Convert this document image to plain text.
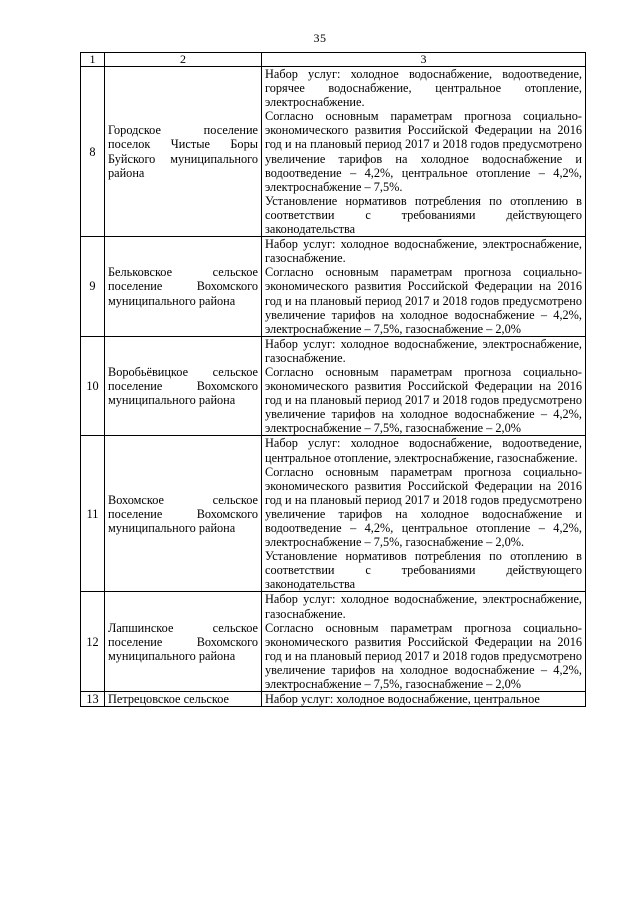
35
1	2	3
8	Городское поселение поселок Чистые Боры Буйского муниципального района	Набор услуг: холодное водоснабжение, водоотведение, горячее водоснабжение, центральное отопление, электроснабжение.

Согласно основным параметрам прогноза социально-экономического развития Российской Федерации на 2016 год и на плановый период 2017 и 2018 годов предусмотрено увеличение тарифов на холодное водоснабжение и водоотведение – 4,2%, центральное отопление – 4,2%, электроснабжение – 7,5%.

Установление нормативов потребления по отоплению в соответствии с требованиями действующего законодательства

9	Бельковское сельское поселение Вохомского муниципального района	Набор услуг: холодное водоснабжение, электроснабжение, газоснабжение.

Согласно основным параметрам прогноза социально-экономического развития Российской Федерации на 2016 год и на плановый период 2017 и 2018 годов предусмотрено увеличение тарифов на холодное водоснабжение – 4,2%, электроснабжение – 7,5%, газоснабжение – 2,0%

10	Воробьёвицкое сельское поселение Вохомского муниципального района	Набор услуг: холодное водоснабжение, электроснабжение, газоснабжение.

Согласно основным параметрам прогноза социально-экономического развития Российской Федерации на 2016 год и на плановый период 2017 и 2018 годов предусмотрено увеличение тарифов на холодное водоснабжение – 4,2%, электроснабжение – 7,5%, газоснабжение – 2,0%

11	Вохомское сельское поселение Вохомского муниципального района	Набор услуг: холодное водоснабжение, водоотведение, центральное отопление, электроснабжение, газоснабжение.

Согласно основным параметрам прогноза социально-экономического развития Российской Федерации на 2016 год и на плановый период 2017 и 2018 годов предусмотрено увеличение тарифов на холодное водоснабжение и водоотведение – 4,2%, центральное отопление – 4,2%, электроснабжение – 7,5%, газоснабжение – 2,0%.

Установление нормативов потребления по отоплению в соответствии с требованиями действующего законодательства

12	Лапшинское сельское поселение Вохомского муниципального района	Набор услуг: холодное водоснабжение, электроснабжение, газоснабжение.

Согласно основным параметрам прогноза социально-экономического развития Российской Федерации на 2016 год и на плановый период 2017 и 2018 годов предусмотрено увеличение тарифов на холодное водоснабжение – 4,2%, электроснабжение – 7,5%, газоснабжение – 2,0%

13	Петрецовское сельское	Набор услуг: холодное водоснабжение, центральное
